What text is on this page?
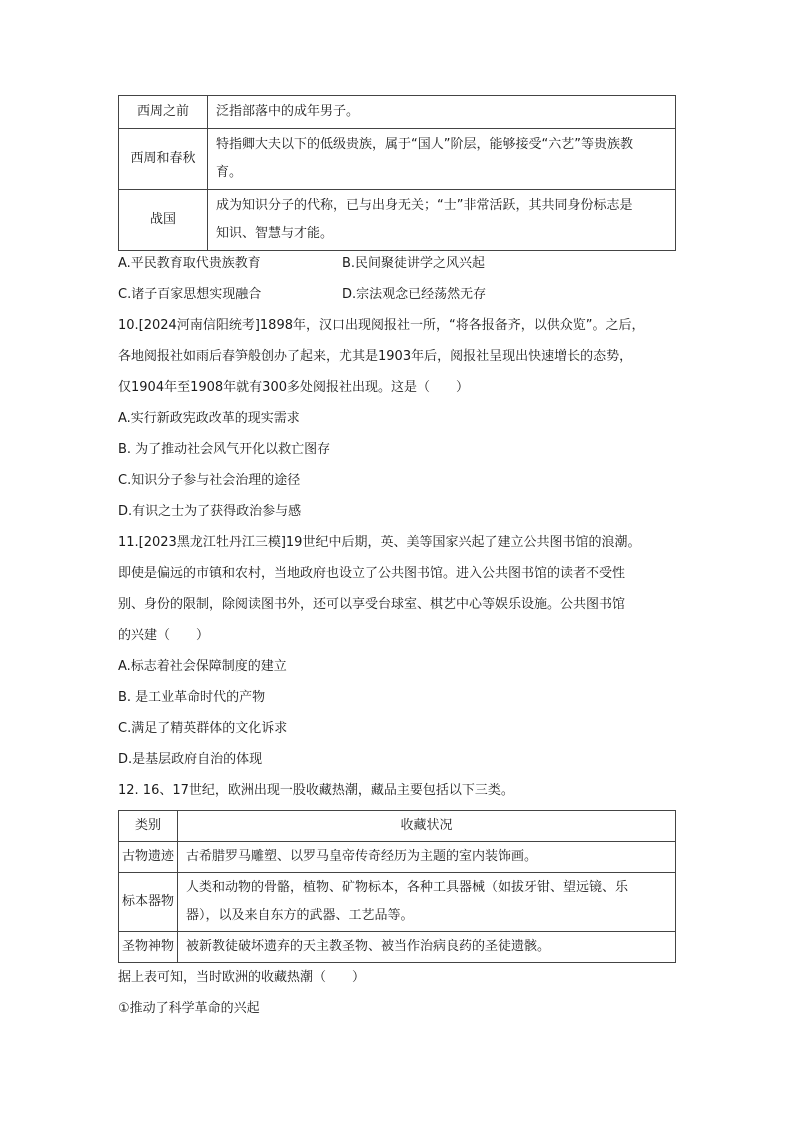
西周之前	泛指部落中的成年男子。
西周和春秋	特指卿大夫以下的低级贵族，属于“国人”阶层，能够接受“六艺”等贵族教
育。
战国	成为知识分子的代称，已与出身无关；“士”非常活跃，其共同身份标志是
知识、智慧与才能。
A.平民教育取代贵族教育	B.民间聚徒讲学之风兴起
C.诸子百家思想实现融合	D.宗法观念已经荡然无存
10.[2024河南信阳统考]1898年，汉口出现阅报社一所，“将各报备齐，以供众览”。之后，
各地阅报社如雨后春笋般创办了起来，尤其是1903年后，阅报社呈现出快速增长的态势，
仅1904年至1908年就有300多处阅报社出现。这是（　　）
A.实行新政宪政改革的现实需求
B. 为了推动社会风气开化以救亡图存
C.知识分子参与社会治理的途径
D.有识之士为了获得政治参与感
11.[2023黑龙江牡丹江三模]19世纪中后期，英、美等国家兴起了建立公共图书馆的浪潮。
即使是偏远的市镇和农村，当地政府也设立了公共图书馆。进入公共图书馆的读者不受性
别、身份的限制，除阅读图书外，还可以享受台球室、棋艺中心等娱乐设施。公共图书馆
的兴建（　　）
A.标志着社会保障制度的建立
B. 是工业革命时代的产物
C.满足了精英群体的文化诉求
D.是基层政府自治的体现
12. 16、17世纪，欧洲出现一股收藏热潮，藏品主要包括以下三类。
类别	收藏状况
古物遗迹	古希腊罗马雕塑、以罗马皇帝传奇经历为主题的室内装饰画。
标本器物	人类和动物的骨骼，植物、矿物标本，各种工具器械（如拔牙钳、望远镜、乐
器），以及来自东方的武器、工艺品等。
圣物神物	被新教徒破坏遗弃的天主教圣物、被当作治病良药的圣徒遗骸。
据上表可知，当时欧洲的收藏热潮（　　）
①推动了科学革命的兴起
